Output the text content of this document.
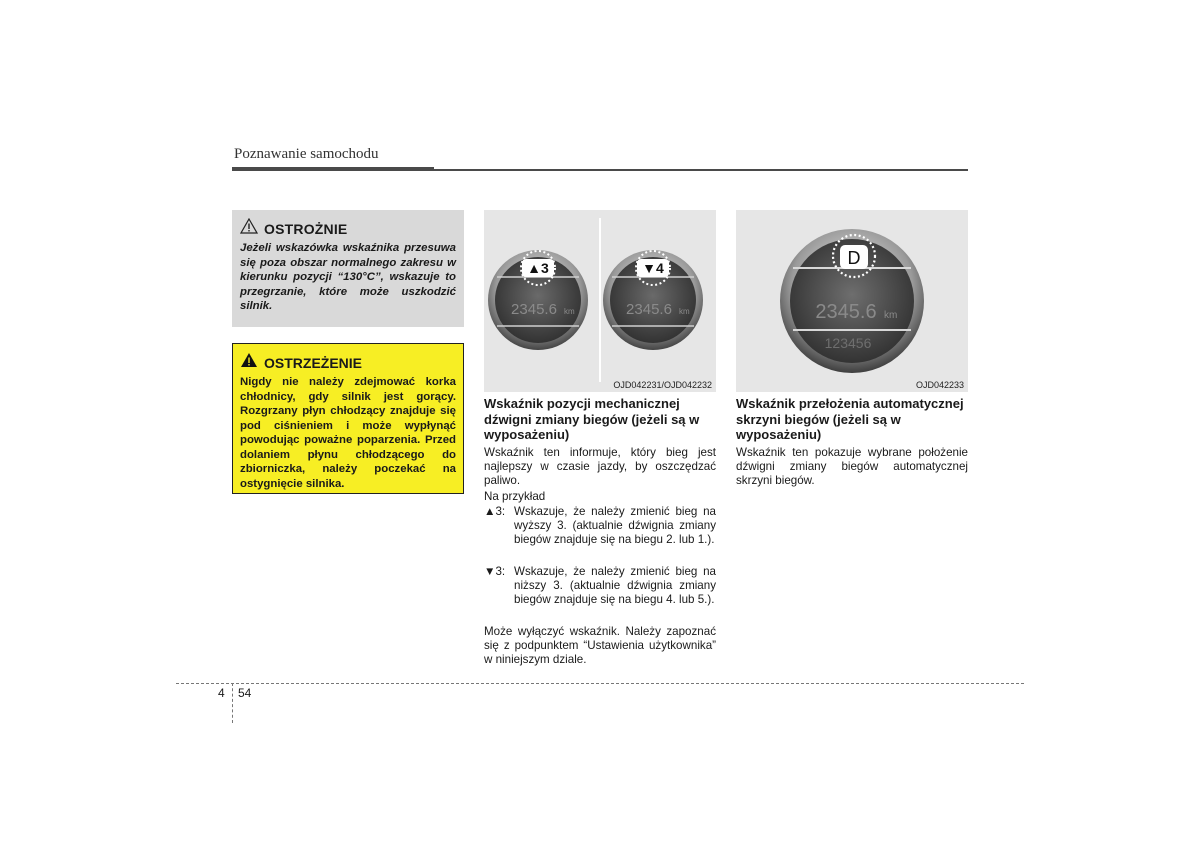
Poznawanie samochodu
OSTROŻNIE
Jeżeli wskazówka wskaźnika przesuwa się poza obszar normalnego zakresu w kierunku pozycji “130°C”, wskazuje to przegrzanie, które może uszkodzić silnik.
OSTRZEŻENIE
Nigdy nie należy zdejmować korka chłodnicy, gdy silnik jest gorący. Rozgrzany płyn chłodzący znajduje się pod ciśnieniem i może wypłynąć powodując poważne poparzenia. Przed dolaniem płynu chłodzącego do zbiorniczka, należy poczekać na ostygnięcie silnika.
▲3
2345.6 km
▼4
2345.6 km
OJD042231/OJD042232
D
2345.6 km
123456
OJD042233
Wskaźnik pozycji mechanicznej dźwigni zmiany biegów (jeżeli są w wyposażeniu)
Wskaźnik ten informuje, który bieg jest najlepszy w czasie jazdy, by oszczędzać paliwo.
Na przykład
▲3: Wskazuje, że należy zmienić bieg na wyższy 3. (aktualnie dźwignia zmiany biegów znajduje się na biegu 2. lub 1.).
▼3: Wskazuje, że należy zmienić bieg na niższy 3. (aktualnie dźwignia zmiany biegów znajduje się na biegu 4. lub 5.).
Może wyłączyć wskaźnik. Należy zapoznać się z podpunktem “Ustawienia użytkownika” w niniejszym dziale.
Wskaźnik przełożenia automatycznej skrzyni biegów (jeżeli są w wyposażeniu)
Wskaźnik ten pokazuje wybrane położenie dźwigni zmiany biegów automatycznej skrzyni biegów.
4 54
